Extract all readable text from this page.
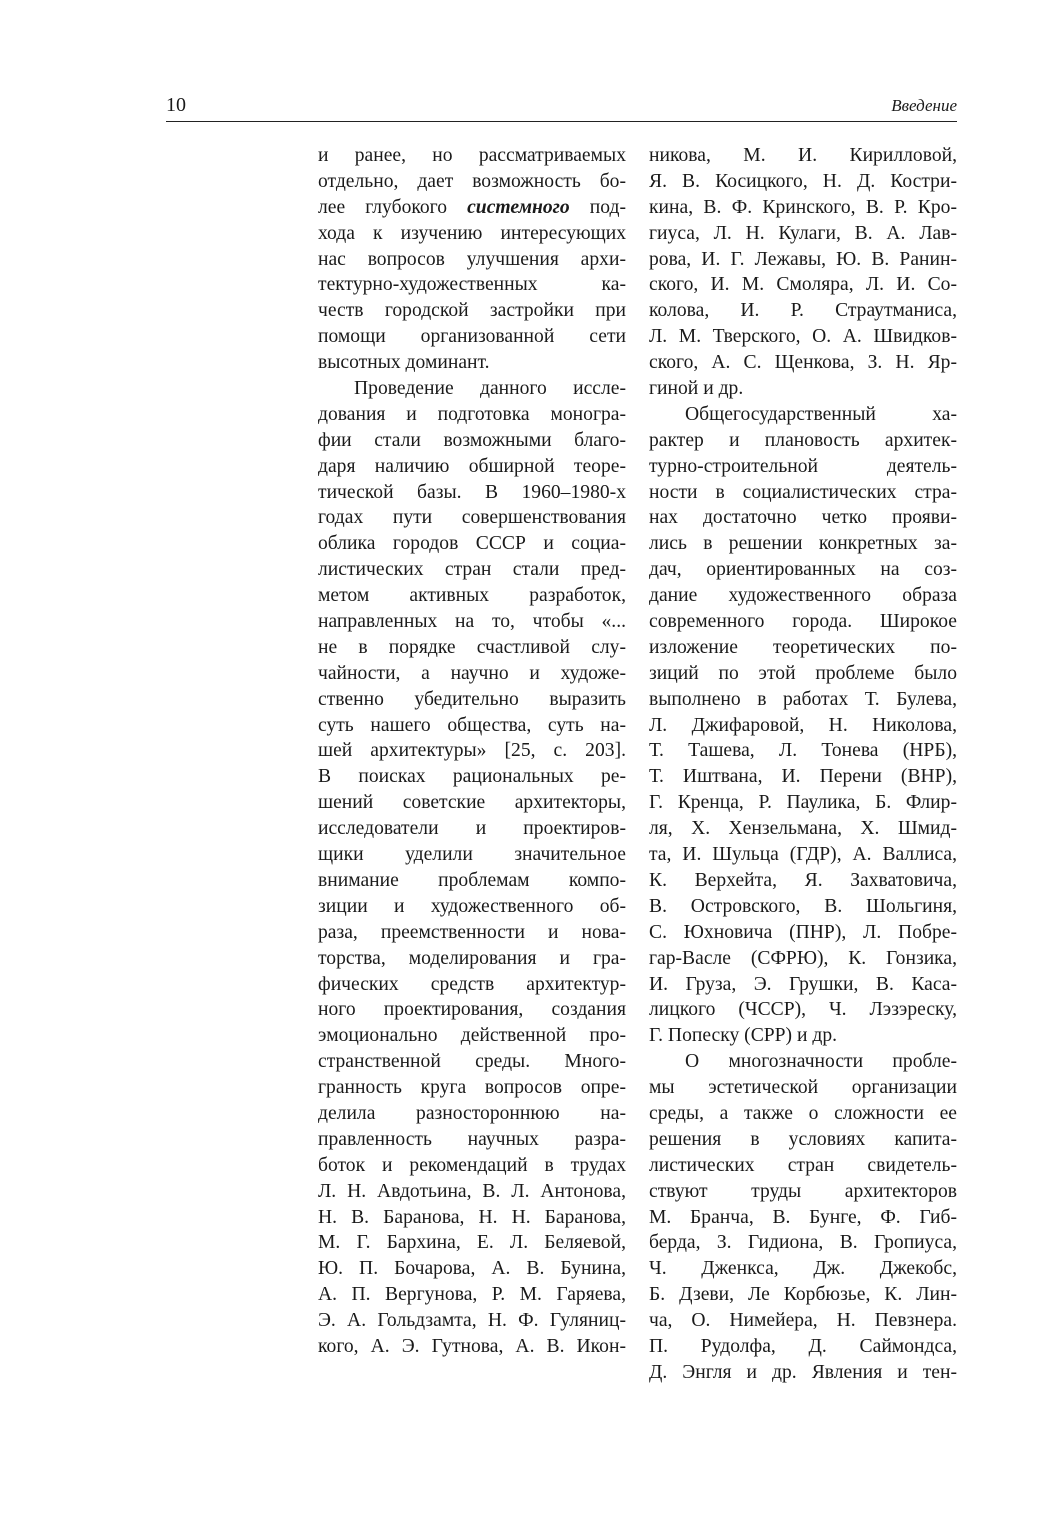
10	Введение
и ранее, но рассматриваемых
отдельно, дает возможность бо-
лее глубокого системного под-
хода к изучению интересующих
нас вопросов улучшения архи-
тектурно-художественных ка-
честв городской застройки при
помощи организованной сети
высотных доминант.
Проведение данного иссле-
дования и подготовка моногра-
фии стали возможными благо-
даря наличию обширной теоре-
тической базы. В 1960–1980-х
годах пути совершенствования
облика городов СССР и социа-
листических стран стали пред-
метом активных разработок,
направленных на то, чтобы «...
не в порядке счастливой слу-
чайности, а научно и художе-
ственно убедительно выразить
суть нашего общества, суть на-
шей архитектуры» [25, с. 203].
В поисках рациональных ре-
шений советские архитекторы,
исследователи и проектиров-
щики уделили значительное
внимание проблемам компо-
зиции и художественного об-
раза, преемственности и нова-
торства, моделирования и гра-
фических средств архитектур-
ного проектирования, создания
эмоционально действенной про-
странственной среды. Много-
гранность круга вопросов опре-
делила разностороннюю на-
правленность научных разра-
боток и рекомендаций в трудах
Л. Н. Авдотьина, В. Л. Антонова,
Н. В. Баранова, Н. Н. Баранова,
М. Г. Бархина, Е. Л. Беляевой,
Ю. П. Бочарова, А. В. Бунина,
А. П. Вергунова, Р. М. Гаряева,
Э. А. Гольдзамта, Н. Ф. Гуляниц-
кого, А. Э. Гутнова, А. В. Икон-
никова, М. И. Кирилловой,
Я. В. Косицкого, Н. Д. Костри-
кина, В. Ф. Кринского, В. Р. Кро-
гиуса, Л. Н. Кулаги, В. А. Лав-
рова, И. Г. Лежавы, Ю. В. Ранин-
ского, И. М. Смоляра, Л. И. Со-
колова, И. Р. Страутманиса,
Л. М. Тверского, О. А. Швидков-
ского, А. С. Щенкова, З. Н. Яр-
гиной и др.
Общегосударственный ха-
рактер и плановость архитек-
турно-строительной деятель-
ности в социалистических стра-
нах достаточно четко прояви-
лись в решении конкретных за-
дач, ориентированных на соз-
дание художественного образа
современного города. Широкое
изложение теоретических по-
зиций по этой проблеме было
выполнено в работах Т. Булева,
Л. Джифаровой, Н. Николова,
Т. Ташева, Л. Тонева (НРБ),
Т. Иштвана, И. Перени (ВНР),
Г. Кренца, Р. Паулика, Б. Флир-
ля, Х. Хензельмана, Х. Шмид-
та, И. Шульца (ГДР), А. Валлиса,
К. Верхейта, Я. Захватовича,
В. Островского, В. Шольгиня,
С. Юхновича (ПНР), Л. Побре-
гар-Васле (СФРЮ), К. Гонзика,
И. Груза, Э. Грушки, В. Каса-
лицкого (ЧССР), Ч. Лэзэреску,
Г. Попеску (СРР) и др.
О многозначности пробле-
мы эстетической организации
среды, а также о сложности ее
решения в условиях капита-
листических стран свидетель-
ствуют труды архитекторов
М. Бранча, В. Бунге, Ф. Гиб-
берда, З. Гидиона, В. Гропиуса,
Ч. Дженкса, Дж. Джекобс,
Б. Дзеви, Ле Корбюзье, К. Лин-
ча, О. Нимейера, Н. Певзнера.
П. Рудолфа, Д. Саймондса,
Д. Энгля и др. Явления и тен-
